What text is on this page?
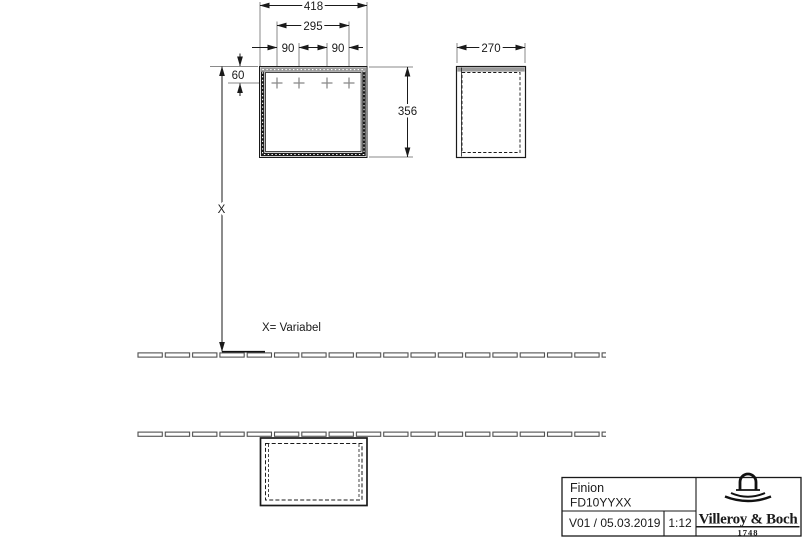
418
295
90	90
60
356
270
X
X= Variabel
Finion
FD10YYXX
V01 / 05.03.2019 1:12 Villeroy & Boch
1748
